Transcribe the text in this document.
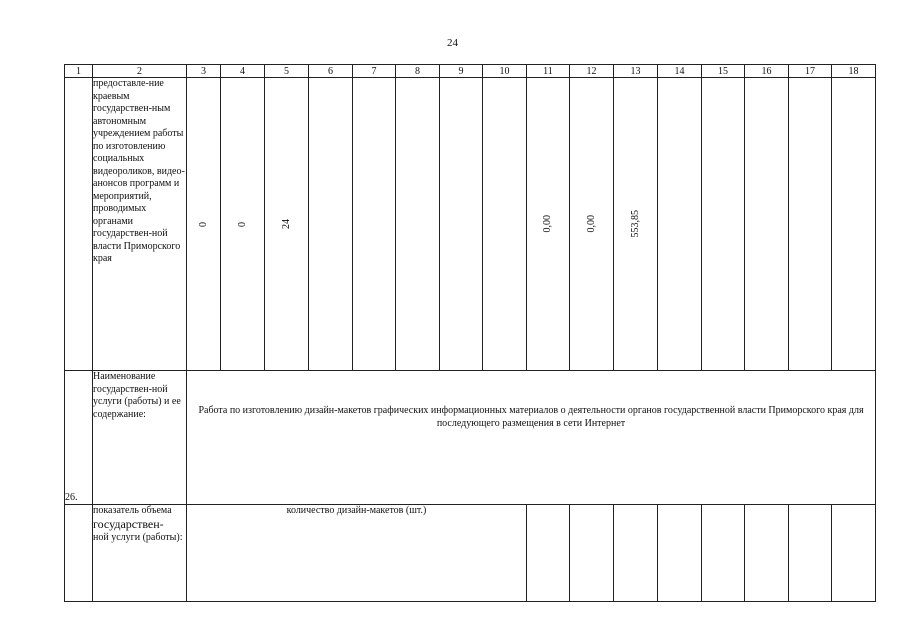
24
1	2	3	4	5	6	7	8	9	10	11	12	13	14	15	16	17	18
	предоставле-ние краевым государствен-ным автономным учреждением работы по изготовлению социальных видеороликов, видео-анонсов программ и мероприятий, проводимых органами государствен-ной власти Приморского края	0	0	24						0,00	0,00	553,85					

26.	Наименование государствен-ной услуги (работы) и ее содержание:	Работа по изготовлению дизайн-макетов графических информационных материалов о деятельности органов государственной власти Приморского края для последующего размещения в сети Интернет															
	показатель объема
государствен-
ной услуги (работы):	количество дизайн-макетов (шт.)															
